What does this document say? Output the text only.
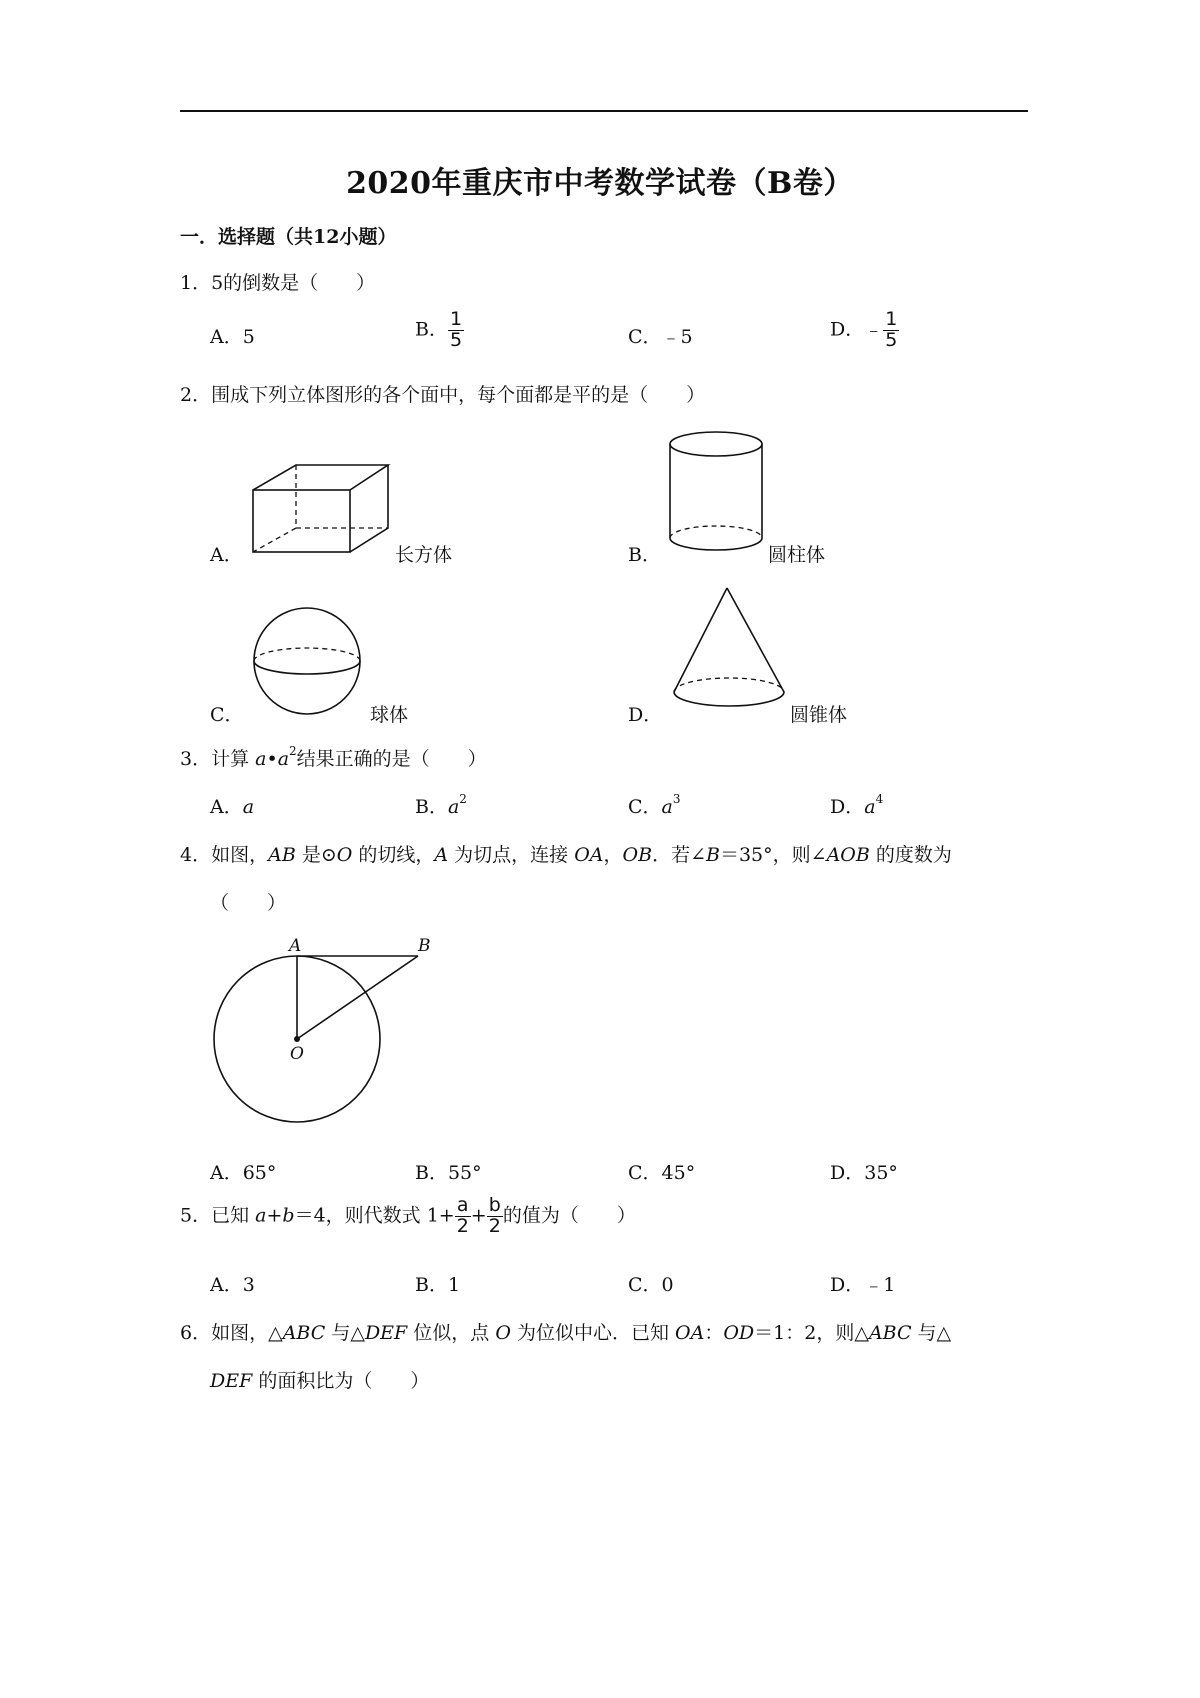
2020年重庆市中考数学试卷（B卷）
一．选择题（共12小题）
1．5的倒数是（　　）
A．5	B． $\frac{1}{5}$	C．﹣5	D．﹣ $\frac{1}{5}$
2．围成下列立体图形的各个面中，每个面都是平的是（　　）
A．	长方体	B．	圆柱体
C．	球体	D．	圆锥体
3．计算 $a•a^2$结果正确的是（　　）
A．a	B．$a^2$	C．$a^3$	D．$a^4$
4．如图，AB 是⊙O 的切线，A 为切点，连接 OA，OB．若∠B＝35°，则∠AOB 的度数为
（　　）
A	B
O
A．65°	B．55°	C．45°	D．35°
5．已知 a+b＝4，则代数式 $1+ \frac{a}{2} + \frac{b}{2}$ 的值为（　　）
A．3	B．1	C．0	D．﹣1
6．如图，△ABC 与△DEF 位似，点 O 为位似中心．已知 OA：OD＝1：2，则△ABC 与△
DEF 的面积比为（　　）
